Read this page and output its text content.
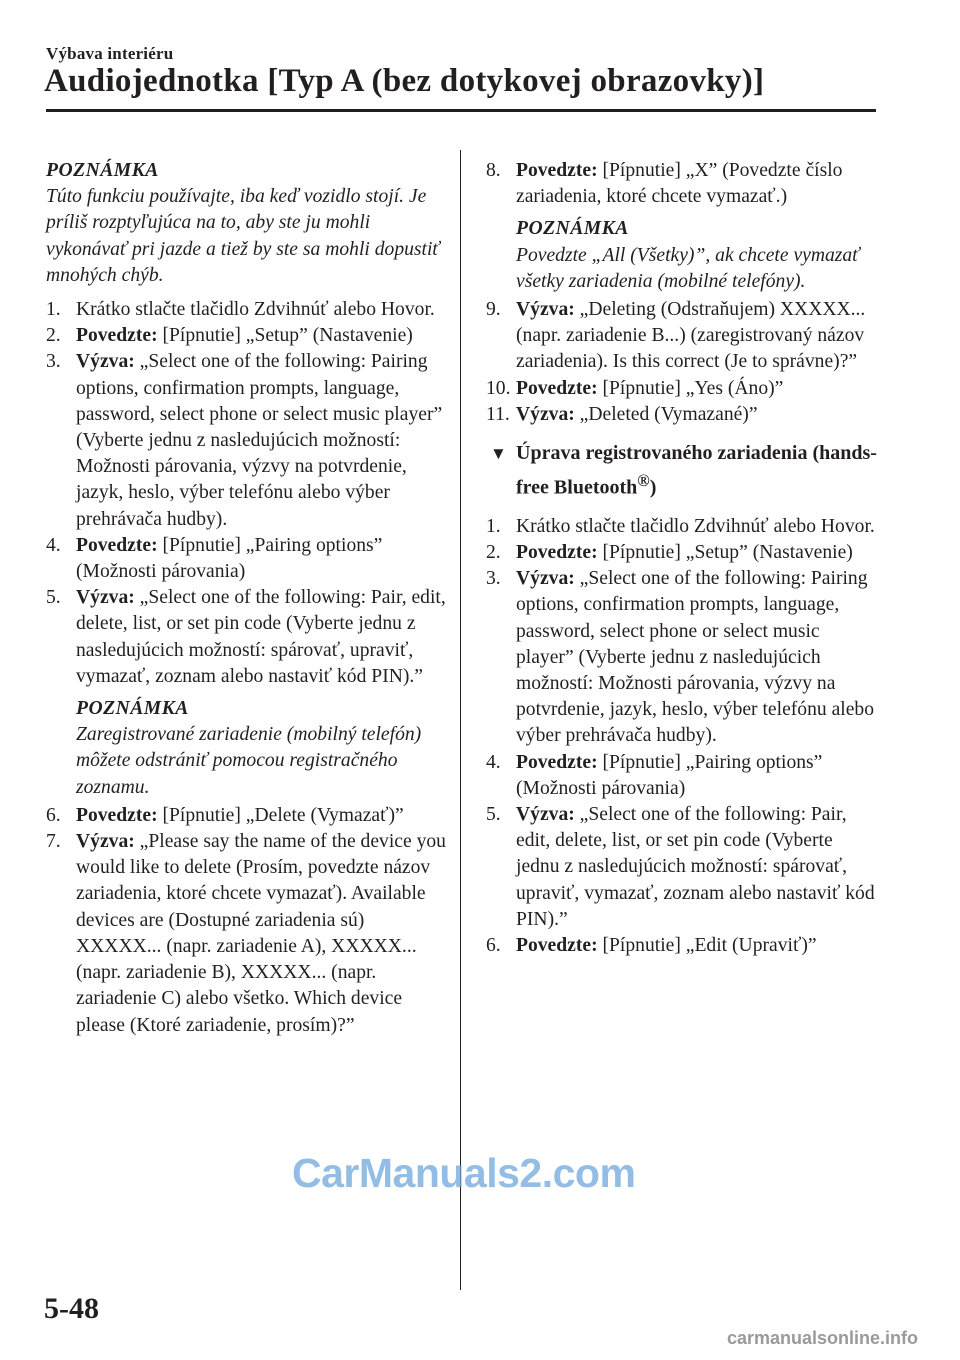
Výbava interiéru
Audiojednotka [Typ A (bez dotykovej obrazovky)]
POZNÁMKA
Túto funkciu používajte, iba keď vozidlo stojí. Je príliš rozptyľujúca na to, aby ste ju mohli vykonávať pri jazde a tiež by ste sa mohli dopustiť mnohých chýb.
1. Krátko stlačte tlačidlo Zdvihnúť alebo Hovor.
2. Povedzte: [Pípnutie] „Setup” (Nastavenie)
3. Výzva: „Select one of the following: Pairing options, confirmation prompts, language, password, select phone or select music player” (Vyberte jednu z nasledujúcich možností: Možnosti párovania, výzvy na potvrdenie, jazyk, heslo, výber telefónu alebo výber prehrávača hudby).
4. Povedzte: [Pípnutie] „Pairing options” (Možnosti párovania)
5. Výzva: „Select one of the following: Pair, edit, delete, list, or set pin code (Vyberte jednu z nasledujúcich možností: spárovať, upraviť, vymazať, zoznam alebo nastaviť kód PIN).”
POZNÁMKA
Zaregistrované zariadenie (mobilný telefón) môžete odstrániť pomocou registračného zoznamu.
6. Povedzte: [Pípnutie] „Delete (Vymazať)”
7. Výzva: „Please say the name of the device you would like to delete (Prosím, povedzte názov zariadenia, ktoré chcete vymazať). Available devices are (Dostupné zariadenia sú) XXXXX... (napr. zariadenie A), XXXXX... (napr. zariadenie B), XXXXX... (napr. zariadenie C) alebo všetko. Which device please (Ktoré zariadenie, prosím)?”
8. Povedzte: [Pípnutie] „X” (Povedzte číslo zariadenia, ktoré chcete vymazať.)
POZNÁMKA
Povedzte „All (Všetky)”, ak chcete vymazať všetky zariadenia (mobilné telefóny).
9. Výzva: „Deleting (Odstraňujem) XXXXX... (napr. zariadenie B...) (zaregistrovaný názov zariadenia). Is this correct (Je to správne)?”
10. Povedzte: [Pípnutie] „Yes (Áno)”
11. Výzva: „Deleted (Vymazané)”
▼ Úprava registrovaného zariadenia (hands-free Bluetooth®)
1. Krátko stlačte tlačidlo Zdvihnúť alebo Hovor.
2. Povedzte: [Pípnutie] „Setup” (Nastavenie)
3. Výzva: „Select one of the following: Pairing options, confirmation prompts, language, password, select phone or select music player” (Vyberte jednu z nasledujúcich možností: Možnosti párovania, výzvy na potvrdenie, jazyk, heslo, výber telefónu alebo výber prehrávača hudby).
4. Povedzte: [Pípnutie] „Pairing options” (Možnosti párovania)
5. Výzva: „Select one of the following: Pair, edit, delete, list, or set pin code (Vyberte jednu z nasledujúcich možností: spárovať, upraviť, vymazať, zoznam alebo nastaviť kód PIN).”
6. Povedzte: [Pípnutie] „Edit (Upraviť)”
5-48
CarManuals2.com
carmanualsonline.info
